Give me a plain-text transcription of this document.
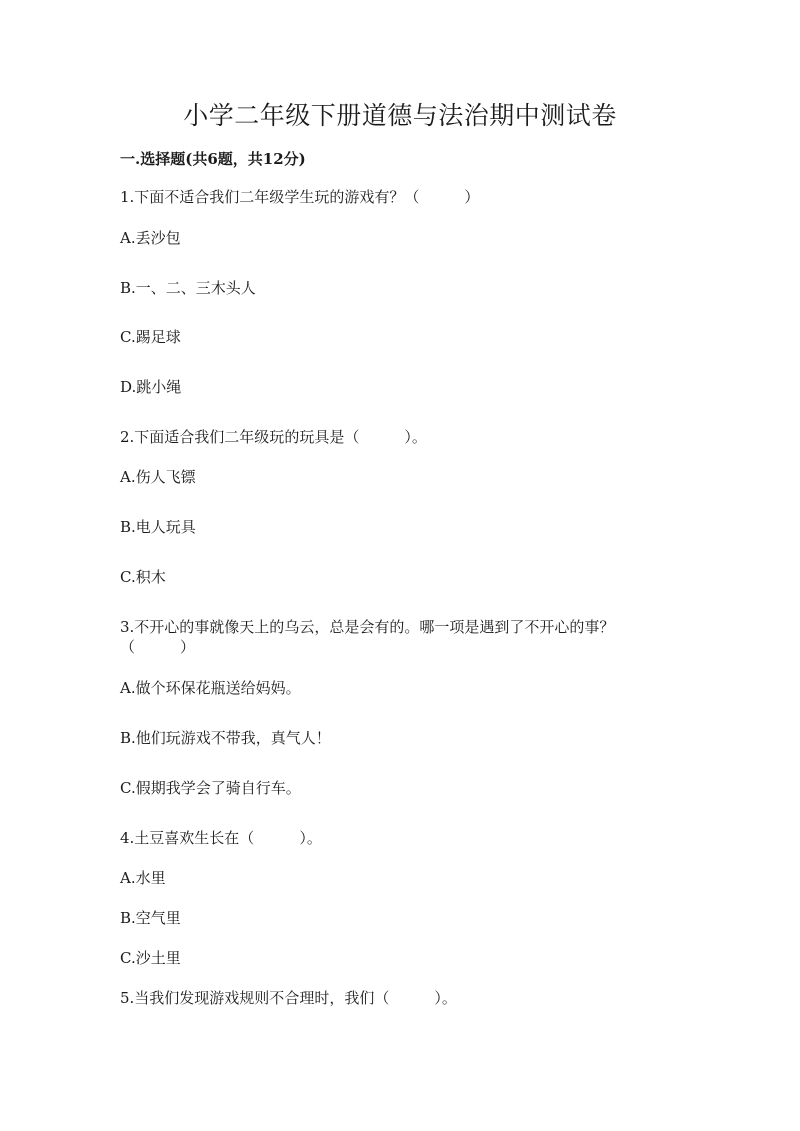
小学二年级下册道德与法治期中测试卷

一.选择题(共6题，共12分)

1.下面不适合我们二年级学生玩的游戏有？（　　　）

A.丢沙包

B.一、二、三木头人

C.踢足球

D.跳小绳

2.下面适合我们二年级玩的玩具是（　　　）。

A.伤人飞镖

B.电人玩具

C.积木

3.不开心的事就像天上的乌云，总是会有的。哪一项是遇到了不开心的事？

（　　　）

A.做个环保花瓶送给妈妈。

B.他们玩游戏不带我，真气人！

C.假期我学会了骑自行车。

4.土豆喜欢生长在（　　　）。

A.水里

B.空气里

C.沙土里

5.当我们发现游戏规则不合理时，我们（　　　）。
